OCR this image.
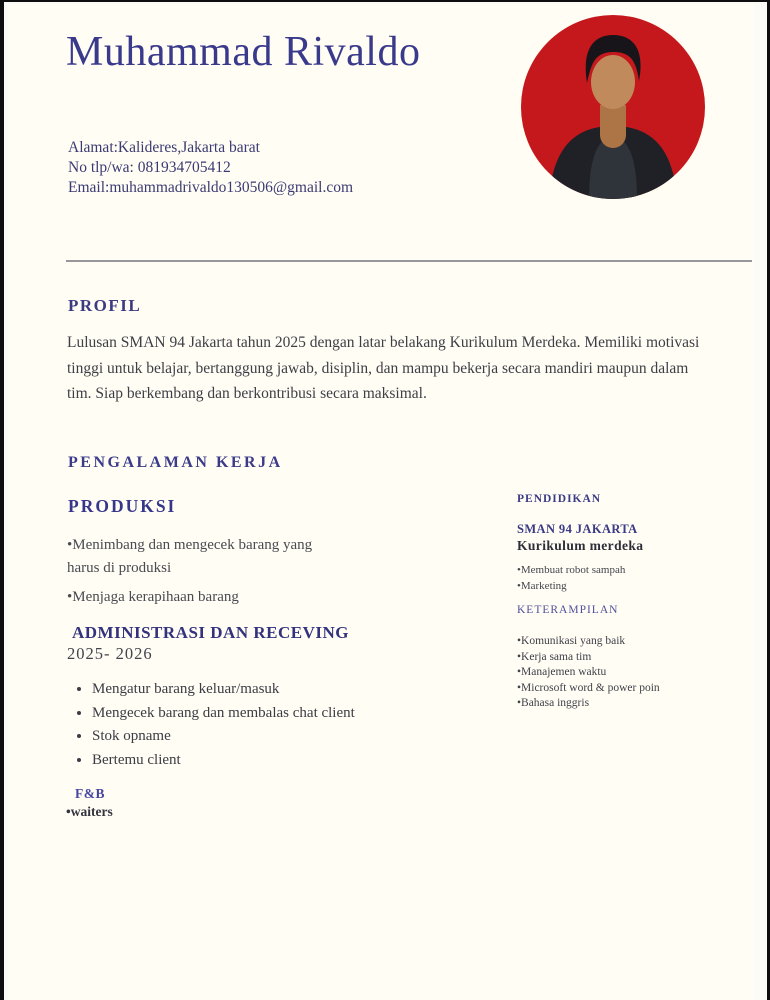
Muhammad Rivaldo
Alamat:Kalideres,Jakarta barat
No tlp/wa: 081934705412
Email:muhammadrivaldo130506@gmail.com
PROFIL

Lulusan SMAN 94 Jakarta tahun 2025 dengan latar belakang Kurikulum Merdeka. Memiliki motivasi tinggi untuk belajar, bertanggung jawab, disiplin, dan mampu bekerja secara mandiri maupun dalam tim. Siap berkembang dan berkontribusi secara maksimal.

PENGALAMAN KERJA
PRODUKSI
• Menimbang dan mengecek barang yang harus di produksi
• Menjaga kerapihaan barang
ADMINISTRASI DAN RECEVING
2025- 2026
• Mengatur barang keluar/masuk
• Mengecek barang dan membalas chat client
• Stok opname
• Bertemu client
F&B
• waiters
PENDIDIKAN
SMAN 94 JAKARTA
Kurikulum merdeka
• Membuat robot sampah
• Marketing
KETERAMPILAN
• Komunikasi yang baik
• Kerja sama tim
• Manajemen waktu
• Microsoft word & power poin
• Bahasa inggris
